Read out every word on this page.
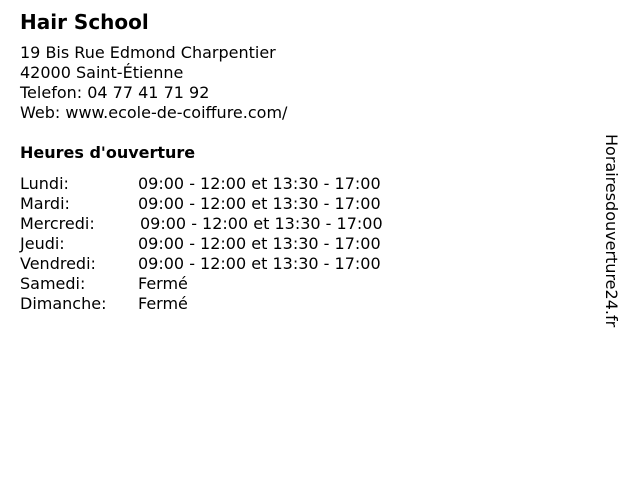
Hair School
19 Bis Rue Edmond Charpentier
42000 Saint-Étienne
Telefon: 04 77 41 71 92
Web: www.ecole-de-coiffure.com/
Heures d'ouverture
Lundi:	09:00 - 12:00 et 13:30 - 17:00
Mardi:	09:00 - 12:00 et 13:30 - 17:00
Mercredi:	09:00 - 12:00 et 13:30 - 17:00
Jeudi:	09:00 - 12:00 et 13:30 - 17:00
Vendredi:	09:00 - 12:00 et 13:30 - 17:00
Samedi:	Fermé
Dimanche: Fermé	Horairesdouverture24.fr
